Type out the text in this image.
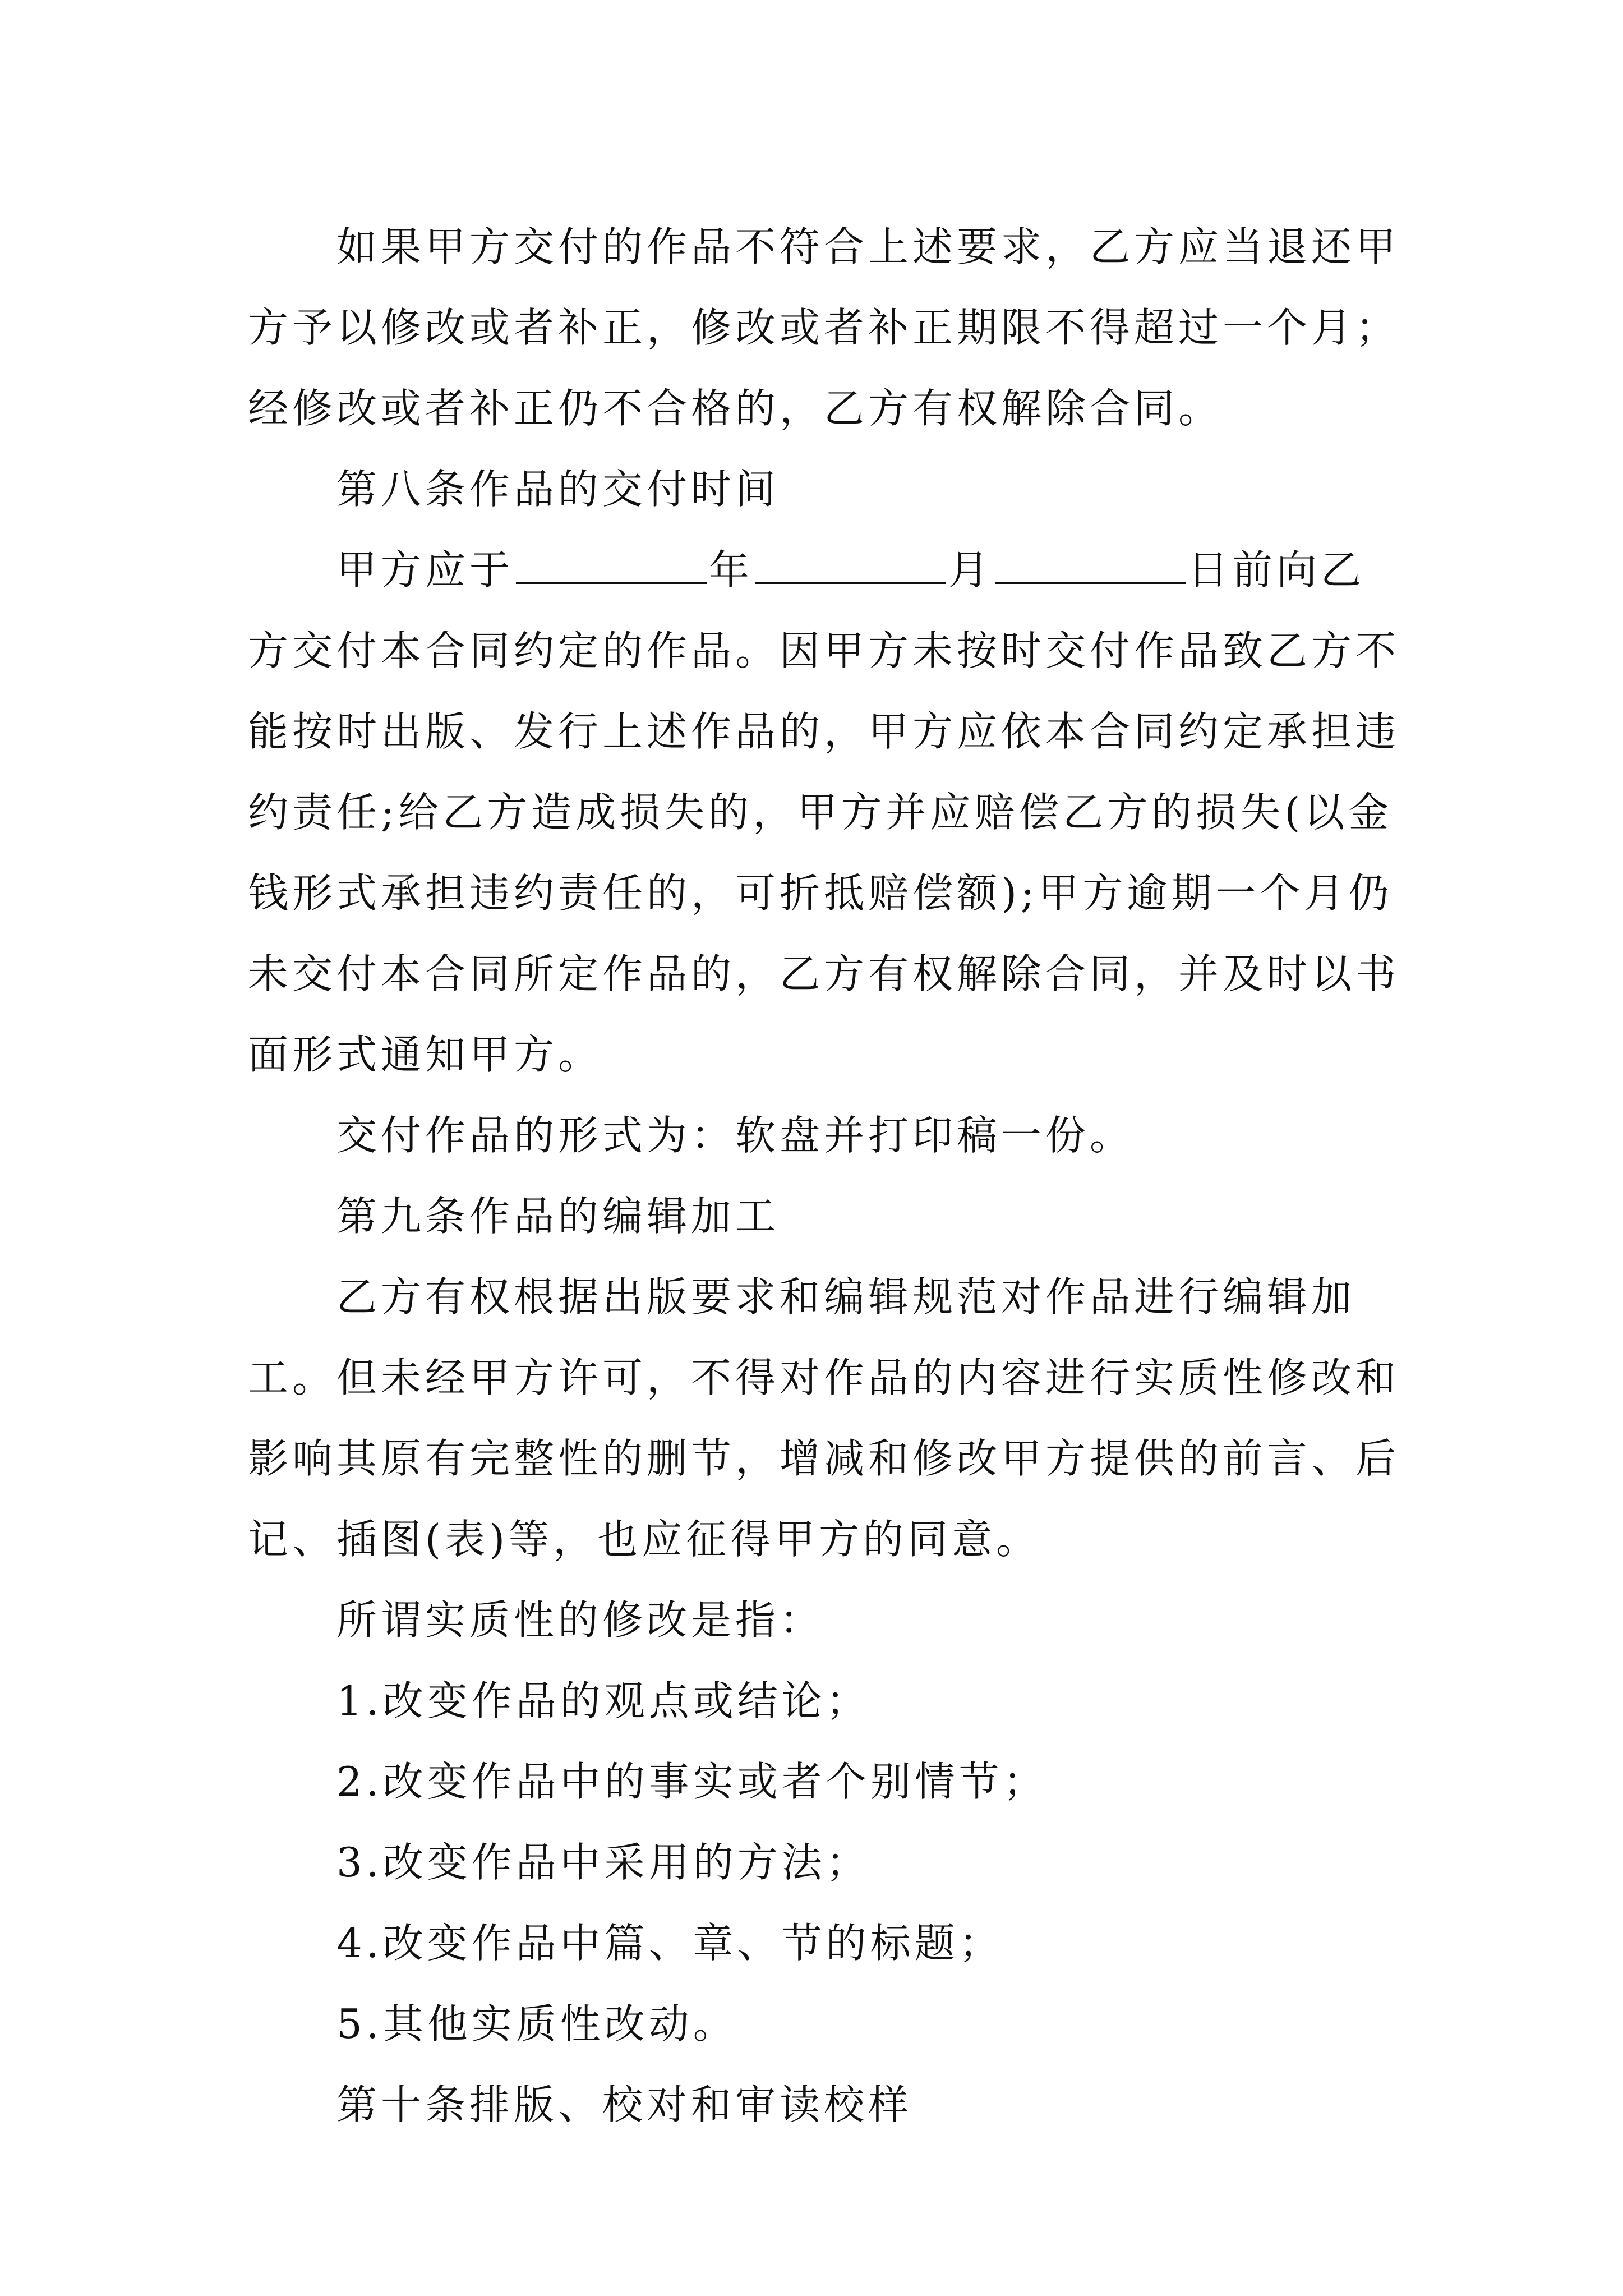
如果甲方交付的作品不符合上述要求，乙方应当退还甲
方予以修改或者补正，修改或者补正期限不得超过一个月；
经修改或者补正仍不合格的，乙方有权解除合同。

第八条作品的交付时间

甲方应于	年	月	日前向乙
方交付本合同约定的作品。因甲方未按时交付作品致乙方不
能按时出版、发行上述作品的，甲方应依本合同约定承担违
约责任;给乙方造成损失的，甲方并应赔偿乙方的损失(以金
钱形式承担违约责任的，可折抵赔偿额);甲方逾期一个月仍
未交付本合同所定作品的，乙方有权解除合同，并及时以书
面形式通知甲方。

交付作品的形式为：软盘并打印稿一份。

第九条作品的编辑加工

乙方有权根据出版要求和编辑规范对作品进行编辑加
工。但未经甲方许可，不得对作品的内容进行实质性修改和
影响其原有完整性的删节，增减和修改甲方提供的前言、后
记、插图(表)等，也应征得甲方的同意。

所谓实质性的修改是指：

1.改变作品的观点或结论；

2.改变作品中的事实或者个别情节；

3.改变作品中采用的方法；

4.改变作品中篇、章、节的标题；

5.其他实质性改动。

第十条排版、校对和审读校样
